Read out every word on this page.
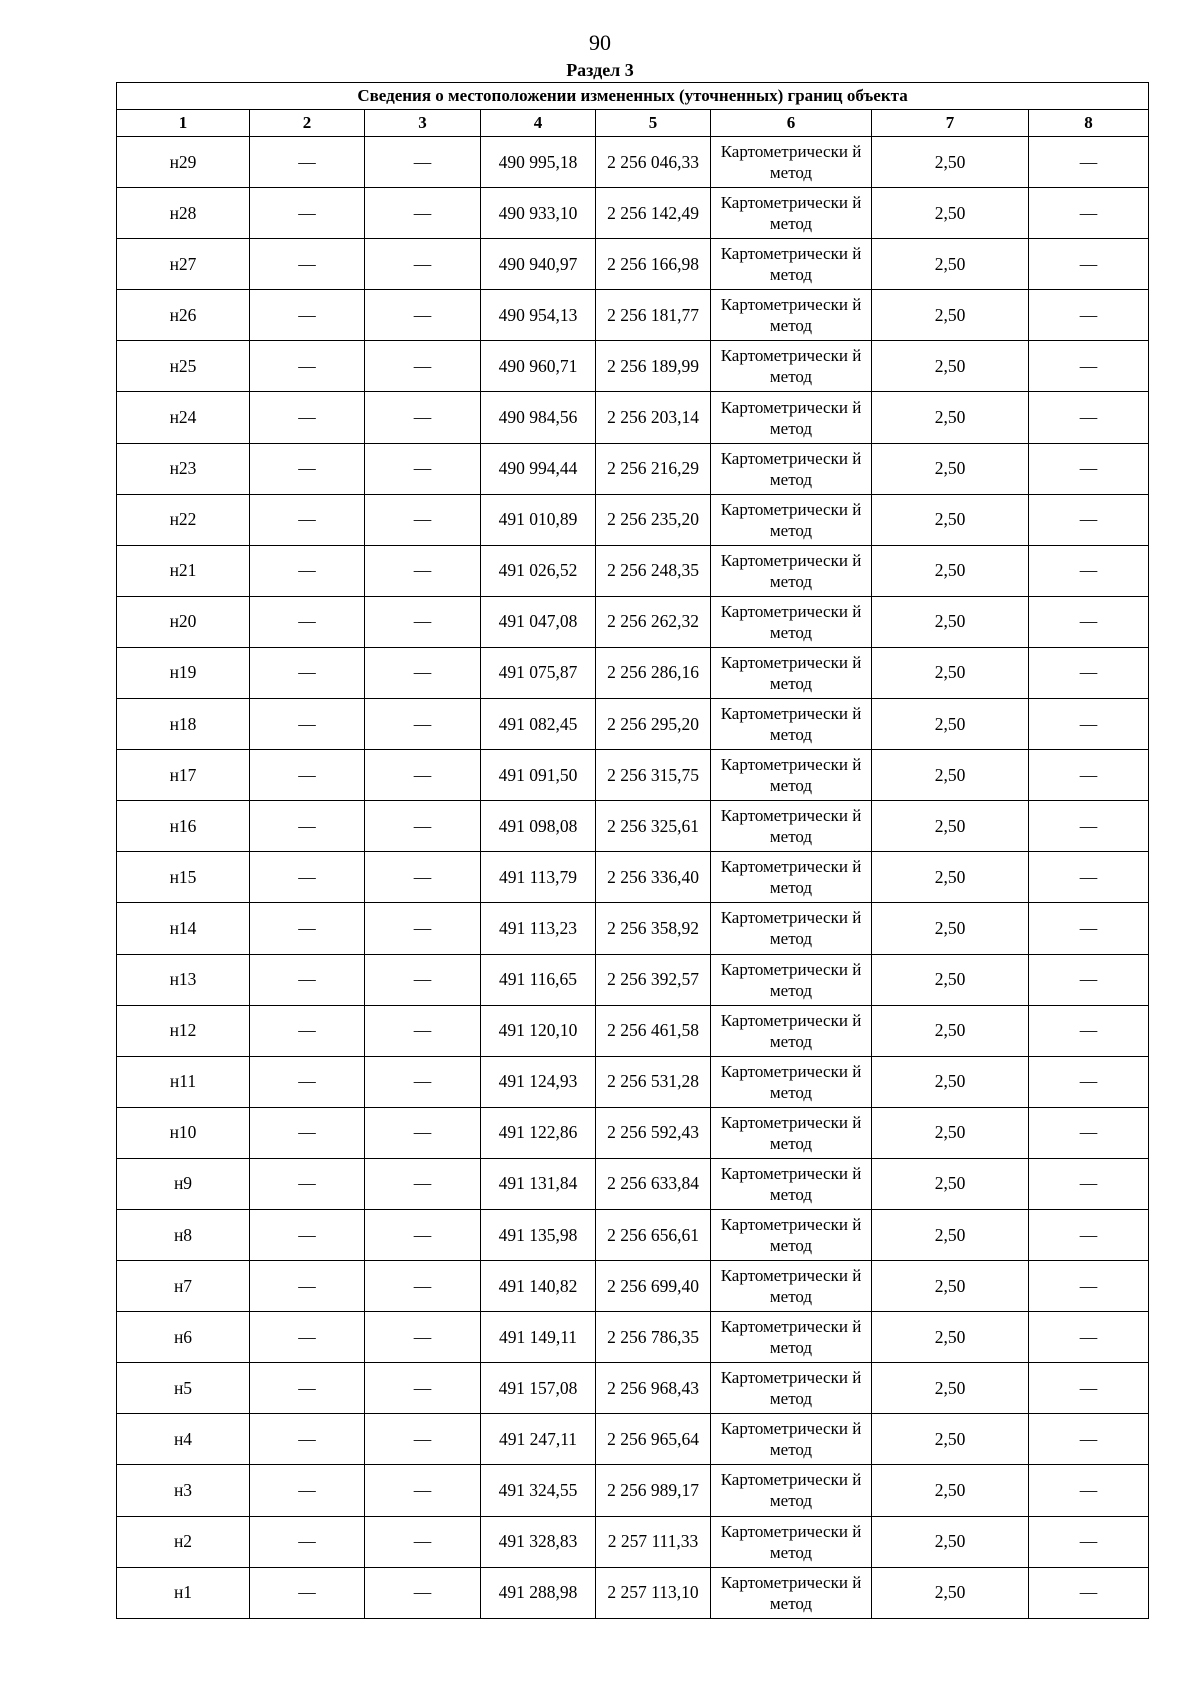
90
Раздел 3
Сведения о местоположении измененных (уточненных) границ объекта							
1	2	3	4	5	6	7	8
н29	—	—	490 995,18	2 256 046,33	Картометрически й метод	2,50	—
н28	—	—	490 933,10	2 256 142,49	Картометрически й метод	2,50	—
н27	—	—	490 940,97	2 256 166,98	Картометрически й метод	2,50	—
н26	—	—	490 954,13	2 256 181,77	Картометрически й метод	2,50	—
н25	—	—	490 960,71	2 256 189,99	Картометрически й метод	2,50	—
н24	—	—	490 984,56	2 256 203,14	Картометрически й метод	2,50	—
н23	—	—	490 994,44	2 256 216,29	Картометрически й метод	2,50	—
н22	—	—	491 010,89	2 256 235,20	Картометрически й метод	2,50	—
н21	—	—	491 026,52	2 256 248,35	Картометрически й метод	2,50	—
н20	—	—	491 047,08	2 256 262,32	Картометрически й метод	2,50	—
н19	—	—	491 075,87	2 256 286,16	Картометрически й метод	2,50	—
н18	—	—	491 082,45	2 256 295,20	Картометрически й метод	2,50	—
н17	—	—	491 091,50	2 256 315,75	Картометрически й метод	2,50	—
н16	—	—	491 098,08	2 256 325,61	Картометрически й метод	2,50	—
н15	—	—	491 113,79	2 256 336,40	Картометрически й метод	2,50	—
н14	—	—	491 113,23	2 256 358,92	Картометрически й метод	2,50	—
н13	—	—	491 116,65	2 256 392,57	Картометрически й метод	2,50	—
н12	—	—	491 120,10	2 256 461,58	Картометрически й метод	2,50	—
н11	—	—	491 124,93	2 256 531,28	Картометрически й метод	2,50	—
н10	—	—	491 122,86	2 256 592,43	Картометрически й метод	2,50	—
н9	—	—	491 131,84	2 256 633,84	Картометрически й метод	2,50	—
н8	—	—	491 135,98	2 256 656,61	Картометрически й метод	2,50	—
н7	—	—	491 140,82	2 256 699,40	Картометрически й метод	2,50	—
н6	—	—	491 149,11	2 256 786,35	Картометрически й метод	2,50	—
н5	—	—	491 157,08	2 256 968,43	Картометрически й метод	2,50	—
н4	—	—	491 247,11	2 256 965,64	Картометрически й метод	2,50	—
н3	—	—	491 324,55	2 256 989,17	Картометрически й метод	2,50	—
н2	—	—	491 328,83	2 257 111,33	Картометрически й метод	2,50	—
н1	—	—	491 288,98	2 257 113,10	Картометрически й метод	2,50	—
